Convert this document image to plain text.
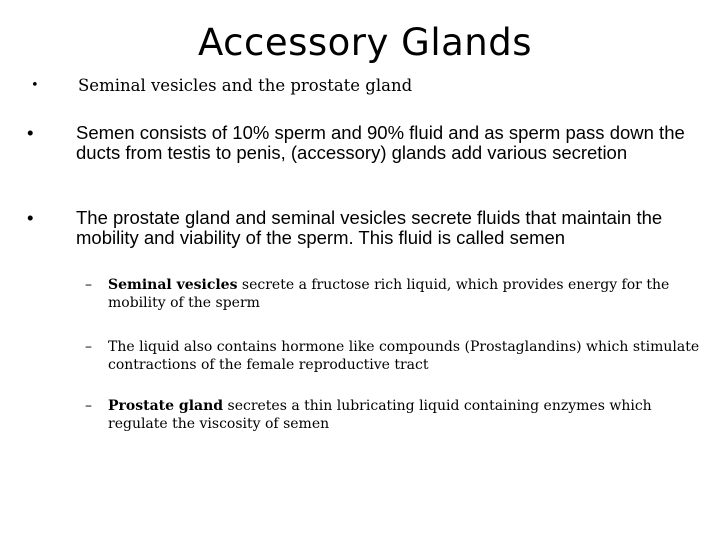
Accessory Glands
• Seminal vesicles and the prostate gland
• Semen consists of 10% sperm and 90% fluid and as sperm pass down the ducts from testis to penis, (accessory) glands add various secretion
• The prostate gland and seminal vesicles secrete fluids that maintain the mobility and viability of the sperm. This fluid is called semen
– Seminal vesicles secrete a fructose rich liquid, which provides energy for the mobility of the sperm
– The liquid also contains hormone like compounds (Prostaglandins) which stimulate contractions of the female reproductive tract
– Prostate gland secretes a thin lubricating liquid containing enzymes which regulate the viscosity of semen
